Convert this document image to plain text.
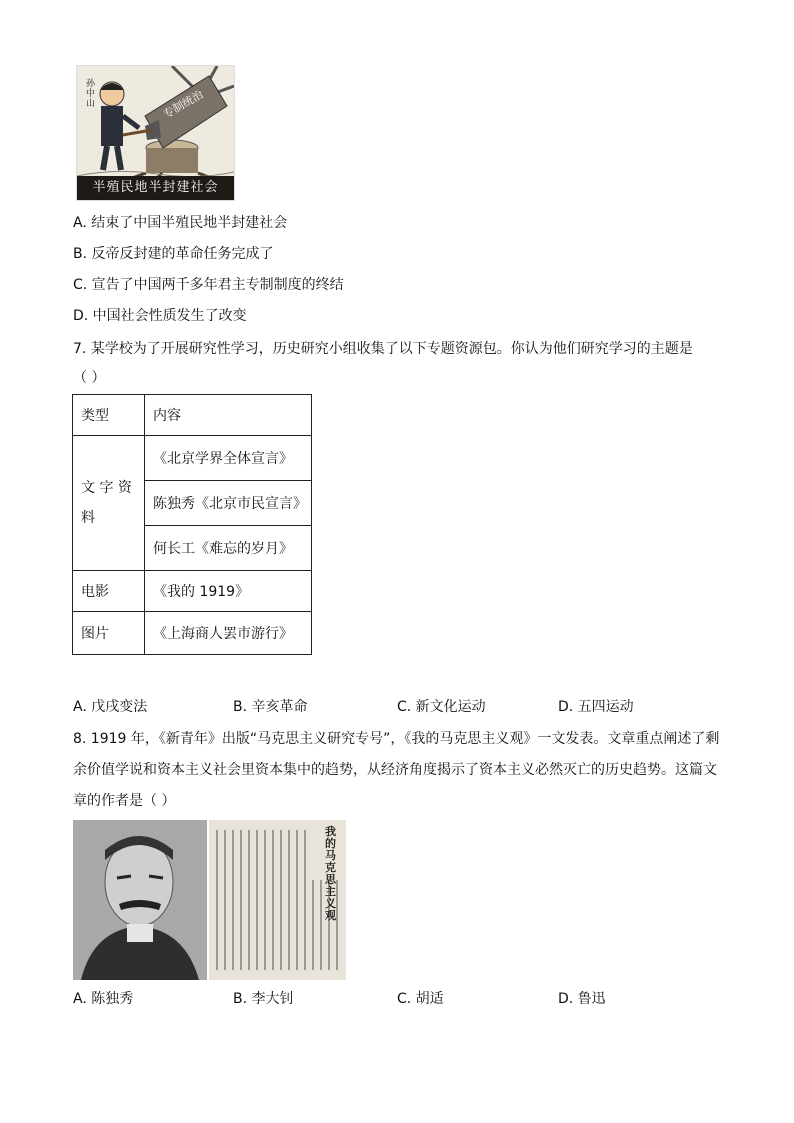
孙中山	专制统治
半殖民地半封建社会
A. 结束了中国半殖民地半封建社会
B. 反帝反封建的革命任务完成了
C. 宣告了中国两千多年君主专制制度的终结
D. 中国社会性质发生了改变
7. 某学校为了开展研究性学习，历史研究小组收集了以下专题资源包。你认为他们研究学习的主题是
（ ）
类型	内容
文 字 资 料	《北京学界全体宣言》
	陈独秀《北京市民宣言》
	何长工《难忘的岁月》
电影	《我的 1919》
图片	《上海商人罢市游行》
A. 戊戌变法	B. 辛亥革命	C. 新文化运动	D. 五四运动
8. 1919 年，《新青年》出版“马克思主义研究专号”，《我的马克思主义观》一文发表。文章重点阐述了剩余价值学说和资本主义社会里资本集中的趋势，从经济角度揭示了资本主义必然灭亡的历史趋势。这篇文章的作者是（ ）
我的马克思主义观
A. 陈独秀	B. 李大钊	C. 胡适	D. 鲁迅
